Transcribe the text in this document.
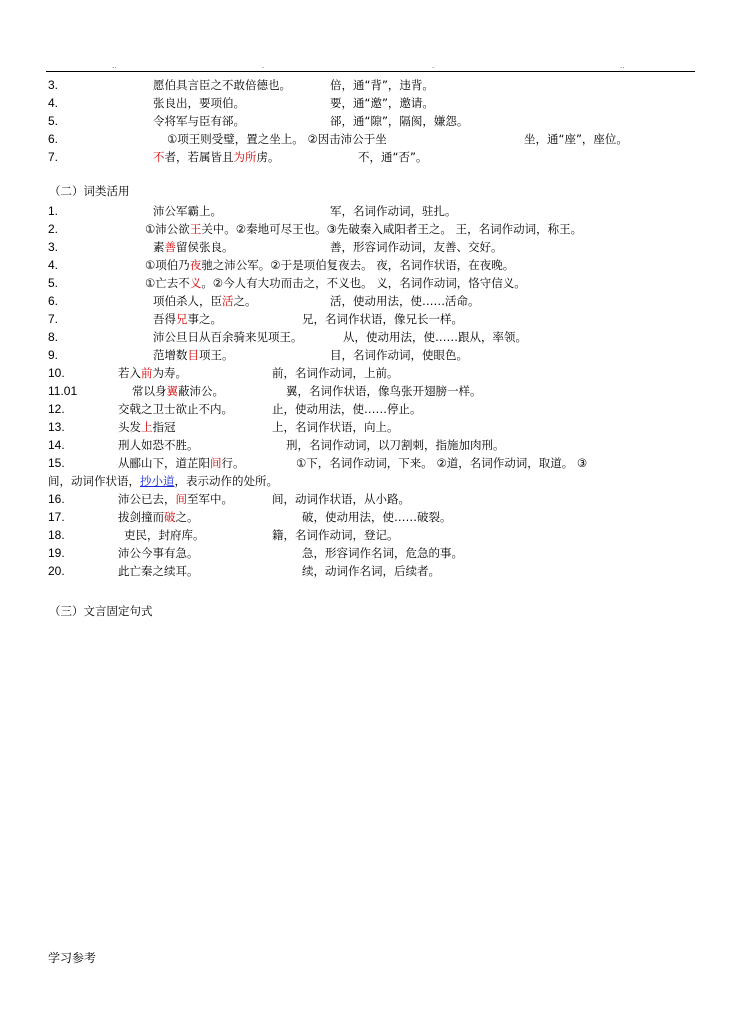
..	.	.	..
3.	愿伯具言臣之不敢倍德也。	倍，通“背”，违背。
4.	张良出，要项伯。	要，通“邀”，邀请。
5.	令将军与臣有郤。	郤，通“隙”，隔阂，嫌怨。
6.	①项王则受璧，置之坐上。 ②因击沛公于坐	坐，通“座”，座位。
7.	不者，若属皆且为所虏。	不，通“否”。
（二）词类活用
1.	沛公军霸上。	军，名词作动词，驻扎。
2.	①沛公欲王关中。②秦地可尽王也。③先破秦入咸阳者王之。 王，名词作动词，称王。
3.	素善留侯张良。	善，形容词作动词，友善、交好。
4.	①项伯乃夜驰之沛公军。②于是项伯复夜去。 夜，名词作状语，在夜晚。
5.	①亡去不义。②今人有大功而击之，不义也。 义，名词作动词，恪守信义。
6.	项伯杀人，臣活之。	活，使动用法，使……活命。
7.	吾得兄事之。	兄，名词作状语，像兄长一样。
8.	沛公旦日从百余骑来见项王。	从，使动用法，使……跟从，率领。
9.	范增数目项王。	目，名词作动词，使眼色。
10.	若入前为寿。	前，名词作动词，上前。
11.01	常以身翼蔽沛公。	翼，名词作状语，像鸟张开翅膀一样。
12.	交戟之卫士欲止不内。	止，使动用法，使……停止。
13.	头发上指冠	上，名词作状语，向上。
14.	刑人如恐不胜。	刑，名词作动词，以刀割刺，指施加肉刑。
15.	从郦山下，道芷阳间行。	①下，名词作动词，下来。 ②道，名词作动词，取道。 ③
间，动词作状语，抄小道，表示动作的处所。
16.	沛公已去，间至军中。	间，动词作状语，从小路。
17.	拔剑撞而破之。	破，使动用法，使……破裂。
18.	吏民，封府库。	籍，名词作动词，登记。
19.	沛公今事有急。	急，形容词作名词，危急的事。
20.	此亡秦之续耳。	续，动词作名词，后续者。
（三）文言固定句式
学习参考
